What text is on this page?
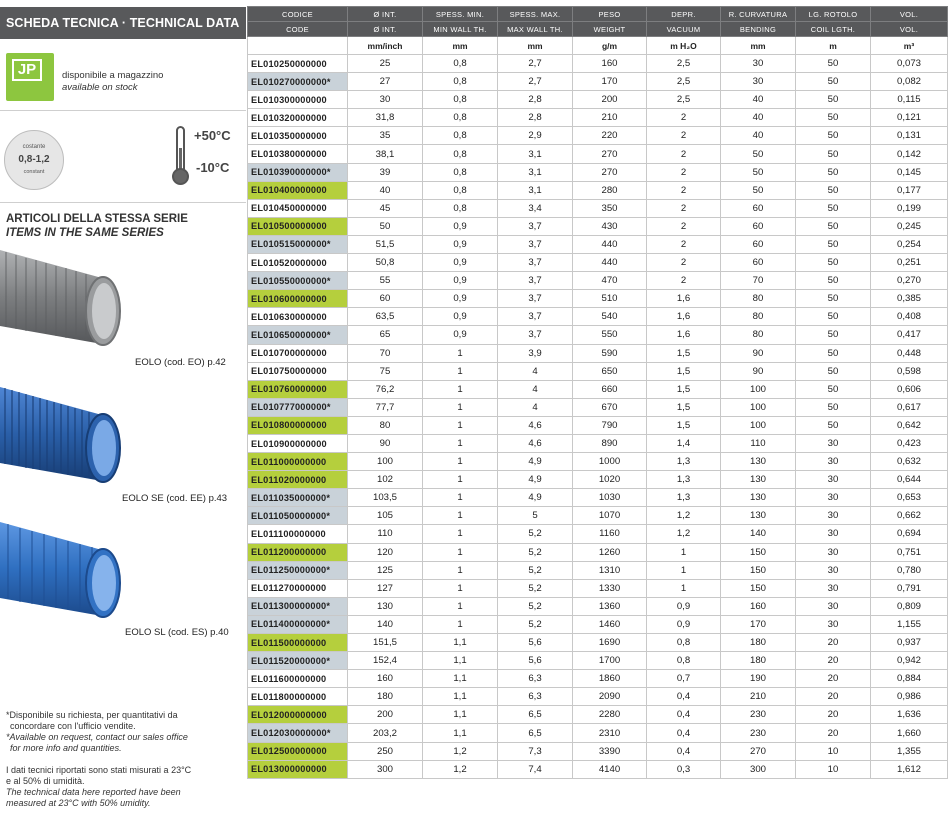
SCHEDA TECNICA · TECHNICAL DATA
JP	disponibile a magazzino
available on stock
costante
0,8-1,2
constant
+50°C
-10°C
ARTICOLI DELLA STESSA SERIE
ITEMS IN THE SAME SERIES
EOLO (cod. EO) p.42
EOLO SE (cod. EE) p.43
EOLO SL (cod. ES) p.40

*Disponibile su richiesta, per quantitativi da

concordare con l'ufficio vendite.

*Available on request, contact our sales office

for more info and quantities.

I dati tecnici riportati sono stati misurati a 23°C

e al 50% di umidità.

The technical data here reported have been

measured at 23°C with 50% umidity.

CODICE	Ø INT.	SPESS. MIN.	SPESS. MAX.	PESO	DEPR.	R. CURVATURA	LG. ROTOLO	VOL.
CODE	Ø INT.	MIN WALL TH.	MAX WALL TH.	WEIGHT	VACUUM	BENDING	COIL LGTH.	VOL.
	mm/inch	mm	mm	g/m	m H₂O	mm	m	m³
EL010250000000	25	0,8	2,7	160	2,5	30	50	0,073
EL010270000000*	27	0,8	2,7	170	2,5	30	50	0,082
EL010300000000	30	0,8	2,8	200	2,5	40	50	0,115
EL010320000000	31,8	0,8	2,8	210	2	40	50	0,121
EL010350000000	35	0,8	2,9	220	2	40	50	0,131
EL010380000000	38,1	0,8	3,1	270	2	50	50	0,142
EL010390000000*	39	0,8	3,1	270	2	50	50	0,145
EL010400000000	40	0,8	3,1	280	2	50	50	0,177
EL010450000000	45	0,8	3,4	350	2	60	50	0,199
EL010500000000	50	0,9	3,7	430	2	60	50	0,245
EL010515000000*	51,5	0,9	3,7	440	2	60	50	0,254
EL010520000000	50,8	0,9	3,7	440	2	60	50	0,251
EL010550000000*	55	0,9	3,7	470	2	70	50	0,270
EL010600000000	60	0,9	3,7	510	1,6	80	50	0,385
EL010630000000	63,5	0,9	3,7	540	1,6	80	50	0,408
EL010650000000*	65	0,9	3,7	550	1,6	80	50	0,417
EL010700000000	70	1	3,9	590	1,5	90	50	0,448
EL010750000000	75	1	4	650	1,5	90	50	0,598
EL010760000000	76,2	1	4	660	1,5	100	50	0,606
EL010777000000*	77,7	1	4	670	1,5	100	50	0,617
EL010800000000	80	1	4,6	790	1,5	100	50	0,642
EL010900000000	90	1	4,6	890	1,4	110	30	0,423
EL011000000000	100	1	4,9	1000	1,3	130	30	0,632
EL011020000000	102	1	4,9	1020	1,3	130	30	0,644
EL011035000000*	103,5	1	4,9	1030	1,3	130	30	0,653
EL011050000000*	105	1	5	1070	1,2	130	30	0,662
EL011100000000	110	1	5,2	1160	1,2	140	30	0,694
EL011200000000	120	1	5,2	1260	1	150	30	0,751
EL011250000000*	125	1	5,2	1310	1	150	30	0,780
EL011270000000	127	1	5,2	1330	1	150	30	0,791
EL011300000000*	130	1	5,2	1360	0,9	160	30	0,809
EL011400000000*	140	1	5,2	1460	0,9	170	30	1,155
EL011500000000	151,5	1,1	5,6	1690	0,8	180	20	0,937
EL011520000000*	152,4	1,1	5,6	1700	0,8	180	20	0,942
EL011600000000	160	1,1	6,3	1860	0,7	190	20	0,884
EL011800000000	180	1,1	6,3	2090	0,4	210	20	0,986
EL012000000000	200	1,1	6,5	2280	0,4	230	20	1,636
EL012030000000*	203,2	1,1	6,5	2310	0,4	230	20	1,660
EL012500000000	250	1,2	7,3	3390	0,4	270	10	1,355
EL013000000000	300	1,2	7,4	4140	0,3	300	10	1,612
